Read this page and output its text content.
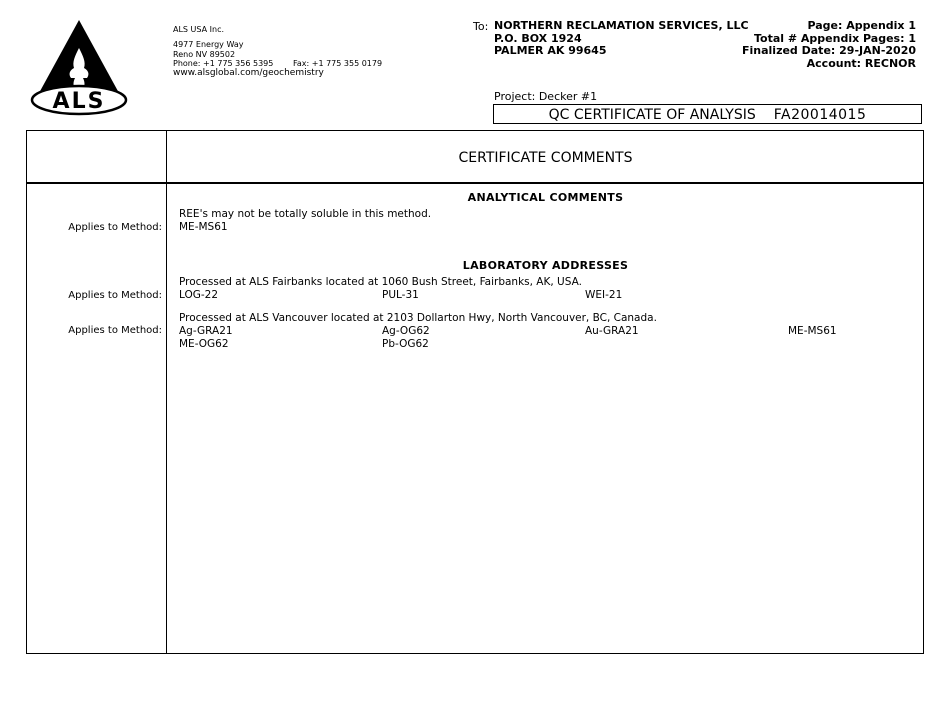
ALS
ALS USA Inc.
4977 Energy Way
Reno NV 89502
Phone: +1 775 356 5395 Fax: +1 775 355 0179
www.alsglobal.com/geochemistry
To: NORTHERN RECLAMATION SERVICES, LLC
P.O. BOX 1924
PALMER AK 99645
Page: Appendix 1
Total # Appendix Pages: 1
Finalized Date: 29-JAN-2020
Account: RECNOR
Project: Decker #1
QC CERTIFICATE OF ANALYSIS FA20014015
CERTIFICATE COMMENTS
ANALYTICAL COMMENTS
Applies to Method:
REE's may not be totally soluble in this method.
ME-MS61
LABORATORY ADDRESSES
Applies to Method:
Processed at ALS Fairbanks located at 1060 Bush Street, Fairbanks, AK, USA.
LOG-22	PUL-31	WEI-21
Applies to Method:
Processed at ALS Vancouver located at 2103 Dollarton Hwy, North Vancouver, BC, Canada.
Ag-GRA21	Ag-OG62	Au-GRA21	ME-MS61
ME-OG62	Pb-OG62
